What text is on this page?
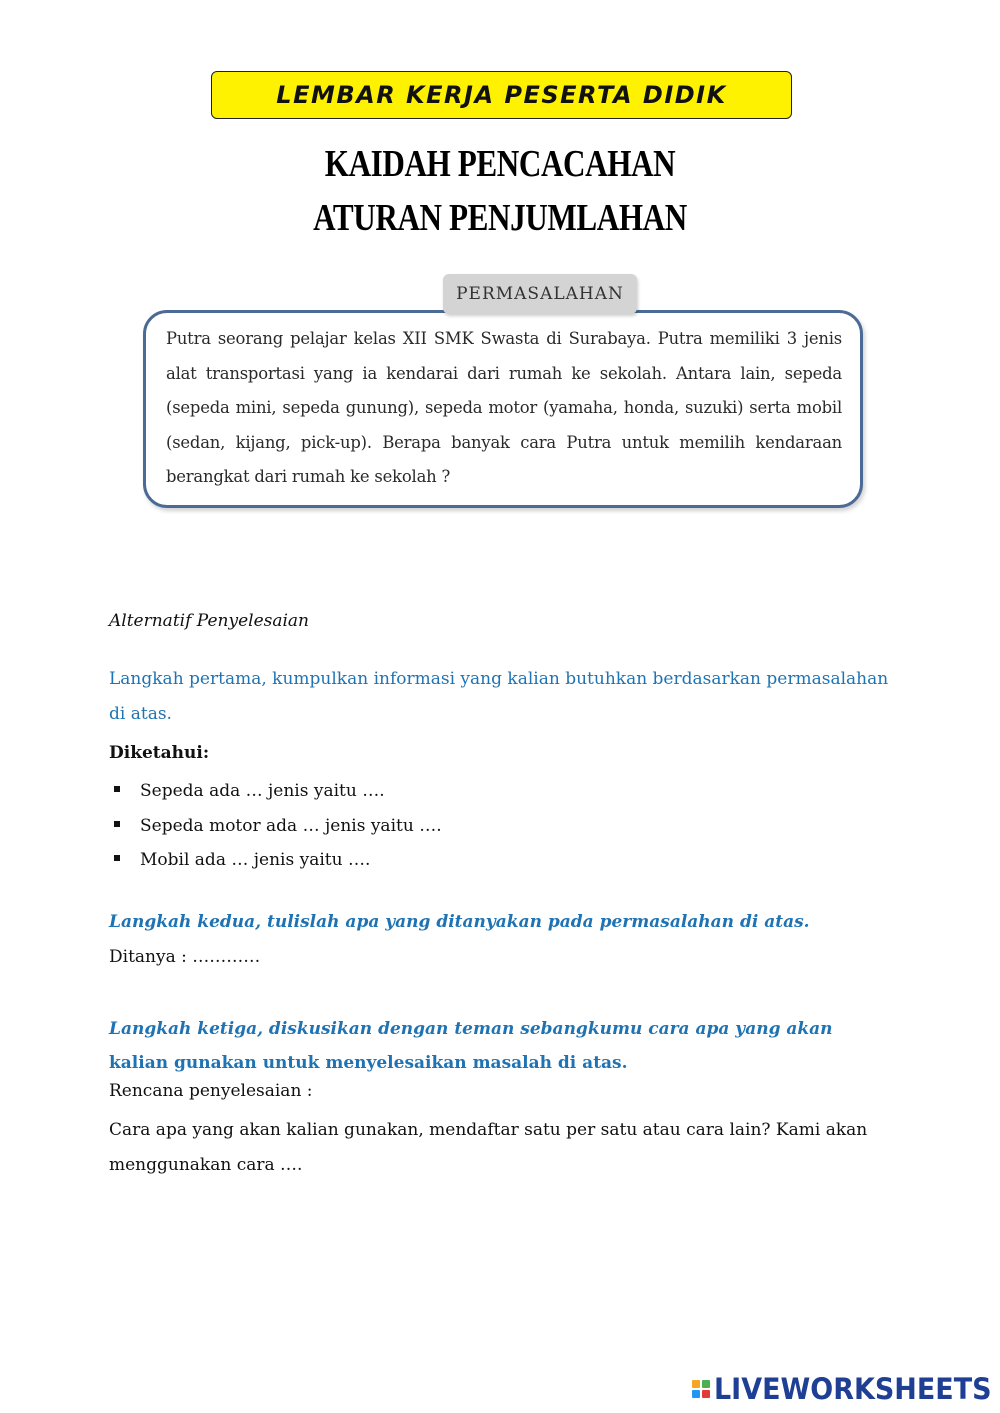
LEMBAR KERJA PESERTA DIDIK
KAIDAH PENCACAHAN
ATURAN PENJUMLAHAN
PERMASALAHAN
Putra seorang pelajar kelas XII SMK Swasta di Surabaya. Putra memiliki 3 jenis alat transportasi yang ia kendarai dari rumah ke sekolah. Antara lain, sepeda (sepeda mini, sepeda gunung), sepeda motor (yamaha, honda, suzuki) serta mobil (sedan, kijang, pick-up). Berapa banyak cara Putra untuk memilih kendaraan berangkat dari rumah ke sekolah ?
Alternatif Penyelesaian
Langkah pertama, kumpulkan informasi yang kalian butuhkan berdasarkan permasalahan di atas.
Diketahui:
Sepeda ada … jenis yaitu ….
Sepeda motor ada … jenis yaitu ….
Mobil ada … jenis yaitu ….
Langkah kedua, tulislah apa yang ditanyakan pada permasalahan di atas.
Ditanya : …………
Langkah ketiga, diskusikan dengan teman sebangkumu cara apa yang akan kalian gunakan untuk menyelesaikan masalah di atas.
Rencana penyelesaian :
Cara apa yang akan kalian gunakan, mendaftar satu per satu atau cara lain? Kami akan menggunakan cara ….
LIVEWORKSHEETS
